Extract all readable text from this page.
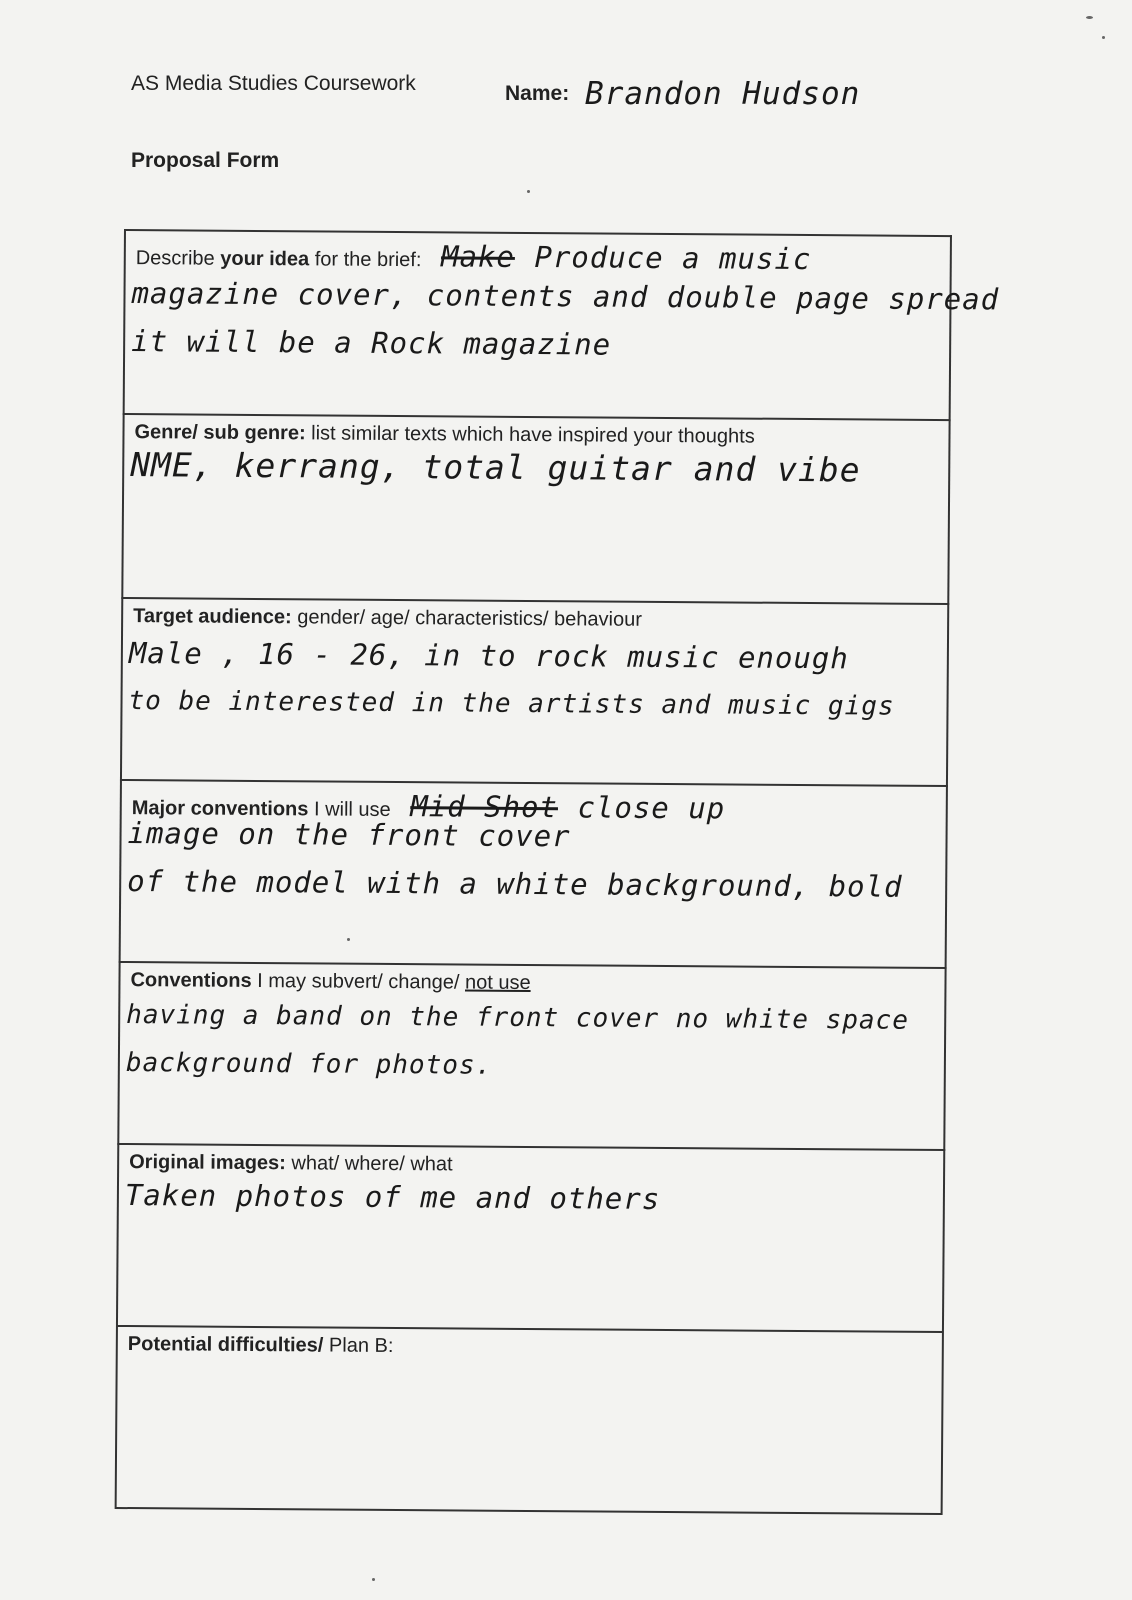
AS Media Studies Coursework	Name: Brandon Hudson
Proposal Form
Describe your idea for the brief: Make Produce a music
magazine cover, contents and double page spread
it will be a Rock magazine
Genre/ sub genre: list similar texts which have inspired your thoughts
NME, kerrang, total guitar and vibe
Target audience: gender/ age/ characteristics/ behaviour
Male , 16 - 26, in to rock music enough
to be interested in the artists and music gigs
Major conventions I will use Mid Shot close up
image on the front cover
of the model with a white background, bold
Conventions I may subvert/ change/ not use
having a band on the front cover no white space
background for photos.
Original images: what/ where/ what
Taken photos of me and others
Potential difficulties/ Plan B:
